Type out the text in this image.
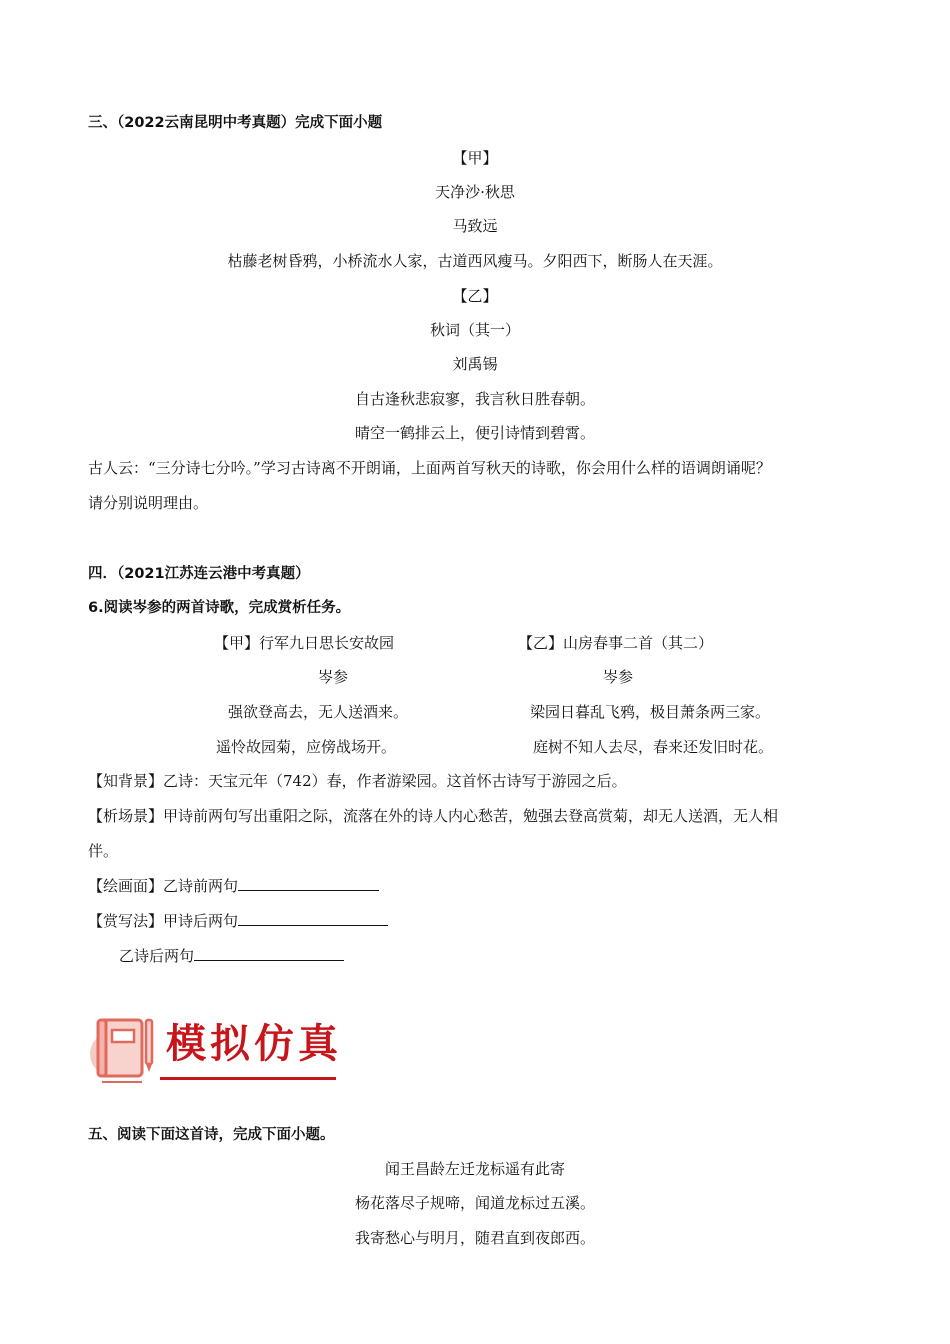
三、（2022云南昆明中考真题）完成下面小题
【甲】
天净沙·秋思
马致远
枯藤老树昏鸦，小桥流水人家，古道西风瘦马。夕阳西下，断肠人在天涯。
【乙】
秋词（其一）
刘禹锡
自古逢秋悲寂寥，我言秋日胜春朝。
晴空一鹤排云上，便引诗情到碧霄。
古人云：“三分诗七分吟。”学习古诗离不开朗诵，上面两首写秋天的诗歌，你会用什么样的语调朗诵呢？
请分别说明理由。
四．（2021江苏连云港中考真题）
6.阅读岑参的两首诗歌，完成赏析任务。
【甲】行军九日思长安故园	【乙】山房春事二首（其二）
岑参	岑参
强欲登高去，无人送酒来。	梁园日暮乱飞鸦，极目萧条两三家。
遥怜故园菊，应傍战场开。	庭树不知人去尽，春来还发旧时花。
【知背景】乙诗：天宝元年（742）春，作者游梁园。这首怀古诗写于游园之后。
【析场景】甲诗前两句写出重阳之际，流落在外的诗人内心愁苦，勉强去登高赏菊，却无人送酒，无人相
伴。
【绘画面】乙诗前两句
【赏写法】甲诗后两句
乙诗后两句
模拟仿真
五、阅读下面这首诗，完成下面小题。
闻王昌龄左迁龙标遥有此寄
杨花落尽子规啼，闻道龙标过五溪。
我寄愁心与明月，随君直到夜郎西。
